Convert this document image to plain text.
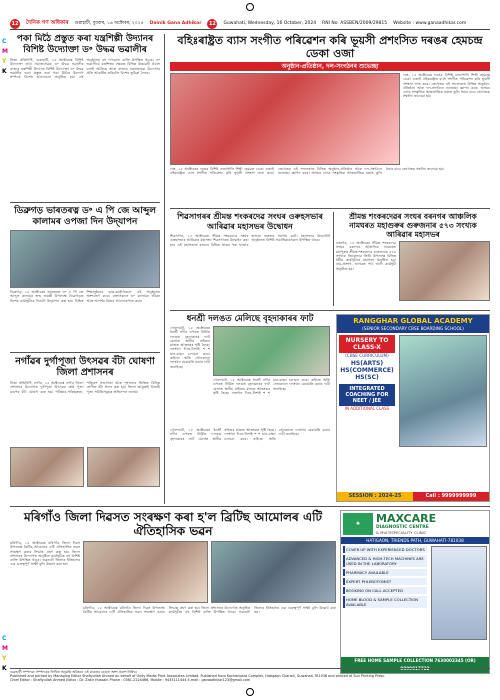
C
M
Y
K
C
M
Y
K
12 দৈনিক গণ অধিকাৰ গুৱাহাটী, বুধবাৰ, ১৬ অক্টোবৰ, ২০২৪ Dainik Gana Adhikar	12	Guwahati, Wednesday, 16 October, 2024 RNI No. ASSBEN/2009/29815 Website : www.ganaadhikar.com
পকা মিঠৈ প্ৰস্তুত কৰা যন্ত্ৰশিল্পী উদ্যানৰ বিশিষ্ট উদ্যোক্তা ড॰ উদ্ধৱ ভৱালীৰ
নিজা প্ৰতিনিধি, গুৱাহাটী, ১৫ অক্টোবৰঃ বিশিষ্ট উদ্যোক্তা তথা সমাজসেৱক ড॰ উদ্ধৱ ভৱালীৰ ৰাজ্যৰ যন্ত্ৰশিল্পী উদ্যানৰ বিশিষ্ট উদ্যোক্তা ড॰ উদ্ধৱ ভৱালীৰ দ্বাৰা প্ৰস্তুত কৰা পকা মিঠৈৰ উদ্যোগ সম্পৰ্কে বিশেষ আলোচনা অনুষ্ঠিত হয়। এই অনুষ্ঠানত বহু গণ্যমান্য ব্যক্তি উপস্থিত থাকে। ড॰ ভৱালীয়ে যন্ত্ৰশিল্পৰ ক্ষেত্ৰত বিভিন্ন উদ্ভাৱনী প্ৰয়াস চলাই আহিছে আৰু ৰাজ্যৰ নৱপ্ৰজন্মক উদ্যোগৰ প্ৰতি আকৰ্ষিত কৰিবলৈ বিশেষ ভূমিকা লৈছে।
ডিব্ৰুগড় ভাৰতৰত্ন ড॰ এ পি জে আব্দুল কালামৰ ওপজা দিন উদ্‌যাপন
ডিব্ৰুগড়, ১৫ অক্টোবৰঃ ভাৰতৰত্ন ড॰ এ পি জে আব্দুল কালামৰ জন্ম জয়ন্তী উপলক্ষে ডিব্ৰুগড়ত বিশেষ কাৰ্যসূচীৰে দিনটো উদ্‌যাপন কৰা হয়। বিভিন্ন শিক্ষানুষ্ঠানৰ ছাত্ৰ-ছাত্ৰীসকলে এই অনুষ্ঠানত অংশগ্ৰহণ কৰে। বক্তাসকলে ড॰ কালামৰ জীৱন আৰু আদৰ্শৰ বিষয়ে আলোকপাত কৰে।
নগাঁৱৰ দুৰ্গাপূজা উৎসৱৰ বঁটা ঘোষণা জিলা প্ৰশাসনৰ
নিজা প্ৰতিনিধি, নগাঁও, ১৫ অক্টোবৰঃ নগাঁও জিলা প্ৰশাসনৰ উদ্যোগত দুৰ্গাপূজা উৎসৱৰ শ্ৰেষ্ঠ পূজা মণ্ডপৰ বঁটা ঘোষণা কৰা হয়। পৰিষ্কাৰ-পৰিচ্ছন্নতা, পৰিবেশ সজাগতা আৰু শৃংখলাৰ ভিত্তিত বিভিন্ন শ্ৰেণীত বঁটা প্ৰদান কৰা হয়। জিলা আয়ুক্তই বিজয়ী পূজা সমিতিসমূহক অভিনন্দন জনায়।
বহিঃৰাষ্ট্ৰত ব্যাস সংগীত পৰিৱেশন কৰি ভূয়সী প্ৰশংসিত দৰঙৰ হেমচন্দ্ৰ ডেকা ওজা
অনুষ্ঠান-প্ৰতিষ্ঠান, দল-সংগঠনৰ শুভেচ্ছা
দৰং, ১৫ অক্টোবৰঃ দৰঙৰ বিশিষ্ট ওজাপালি শিল্পী হেমচন্দ্ৰ ডেকা ওজাই বহিঃৰাষ্ট্ৰত ব্যাস সংগীত পৰিৱেশন কৰি ভূয়সী প্ৰশংসা লাভ কৰে। তেখেতৰ এই সফলতাত বিভিন্ন অনুষ্ঠান-প্ৰতিষ্ঠান আৰু দল-সংগঠনে শুভেচ্ছা জ্ঞাপন কৰে। অসমৰ লোক সংস্কৃতিক আন্তৰ্জাতিক মঞ্চত তুলি ধৰাৰ বাবে তেখেতক সম্বৰ্ধনা জনোৱা হয়।
দৰং, ১৫ অক্টোবৰঃ দৰঙৰ বিশিষ্ট ওজাপালি শিল্পী হেমচন্দ্ৰ ডেকা ওজাই বহিঃৰাষ্ট্ৰত ব্যাস সংগীত পৰিৱেশন কৰি ভূয়সী প্ৰশংসা লাভ কৰে। তেখেতৰ এই সফলতাত বিভিন্ন অনুষ্ঠান-প্ৰতিষ্ঠান আৰু দল-সংগঠনে শুভেচ্ছা জ্ঞাপন কৰে। অসমৰ লোক সংস্কৃতিক আন্তৰ্জাতিক মঞ্চত তুলি ধৰাৰ বাবে তেখেতক সম্বৰ্ধনা জনোৱা হয়।
শিৱসাগৰৰ শ্ৰীমন্ত শংকৰদেৱ সংঘৰ ওৰুহসভাৰ আৰিৱাৰ মহাসভৰ উদ্বোধন
শিৱসাগৰ, ১৫ অক্টোবৰঃ শ্ৰীমন্ত শংকৰদেৱ সংঘৰ ওৰুহসভাৰ আৰিৱাৰ মহাসভা শিৱসাগৰত উদ্বোধন কৰা হয়। এই মহাসভাত ৰাজ্যৰ বিভিন্ন প্ৰান্তৰ পৰা হাজাৰ হাজাৰ ভকতৰ সমাগম ঘটে। মহাসভাৰ উদ্বোধনী অনুষ্ঠানত বিশিষ্ট সত্ৰাধিকাৰসকল উপস্থিত থাকে।
শ্ৰীমন্ত শংকৰদেৱৰ সংঘৰ বৰনগৰ আঞ্চলিক নামঘৰত মহাগুৰুৰ গুৰুজনাৰ ৫৭৩ সংখ্যক আৰিৱাৰ মহাসভৰ
বৰনগৰ, ১৫ অক্টোবৰঃ শ্ৰীমন্ত শংকৰদেৱ সংঘৰ বৰনগৰ আঞ্চলিক নামঘৰত মহাপুৰুষ শ্ৰীমন্ত শংকৰদেৱ গুৰুজনাৰ ৫৭৩ সংখ্যক তিৰোভাৱ তিথি উপলক্ষে বিভিন্ন ধৰ্মীয় কাৰ্যসূচীৰে মহাসভা অনুষ্ঠিত হয়। নাম-প্ৰসংগ, ভাগৱত পাঠ আদি কাৰ্যসূচী অনুষ্ঠিত হয়।
ধনশ্ৰী দলঙত মেলিছে বৃহদাকাৰৰ ফাট
গোলাঘাট, ১৫ অক্টোবৰঃ ধনশ্ৰী নদীৰ ওপৰত নিৰ্মিত দলঙত বৃহদাকাৰৰ ফাট মেলাত স্থানীয় ৰাইজৰ মাজত আতংকৰ সৃষ্টি হৈছে। দলংখন দিনে-নিশাই শ শ যান-বাহন চলাচল কৰে। ৰাইজে অতি সোনকালে দলংখন মেৰামতি কৰাৰ দাবী জনাইছে।
গোলাঘাট, ১৫ অক্টোবৰঃ ধনশ্ৰী নদীৰ ওপৰত নিৰ্মিত দলঙত বৃহদাকাৰৰ ফাট মেলাত স্থানীয় ৰাইজৰ মাজত আতংকৰ সৃষ্টি হৈছে। দলংখন দিনে-নিশাই শ শ যান-বাহন চলাচল কৰে। ৰাইজে অতি সোনকালে দলংখন মেৰামতি কৰাৰ দাবী জনাইছে।
গোলাঘাট, ১৫ অক্টোবৰঃ ধনশ্ৰী নদীৰ ওপৰত নিৰ্মিত দলঙত বৃহদাকাৰৰ ফাট মেলাত স্থানীয় ৰাইজৰ মাজত আতংকৰ সৃষ্টি হৈছে। দলংখন দিনে-নিশাই শ শ যান-বাহন চলাচল কৰে। ৰাইজে অতি সোনকালে দলংখন মেৰামতি কৰাৰ দাবী জনাইছে।
RANGGHAR GLOBAL ACADEMY
(SENIOR SECONDARY CBSE BOARDING SCHOOL)
NURSERY TO CLASS-X
(CBSE CURRICULUM)
HS(ARTS) HS(COMMERCE)
HS(SC)
INTEGRATED COACHING FOR NEET / JEE
IN ADDITIONAL CLASS
SESSION : 2024-25	Call : 9999999999
মৰিগাঁও জিলা দিৱসত সংৰক্ষণ কৰা হ'ল ব্ৰিটিছ আমোলৰ এটি ঐতিহাসিক ভৱন
মৰিগাঁও, ১৫ অক্টোবৰঃ মৰিগাঁও জিলা দিৱস উপলক্ষে ব্ৰিটিছ আমোলৰ এটি ঐতিহাসিক ভৱন সংৰক্ষণ কৰাৰ সিদ্ধান্ত গ্ৰহণ কৰা হয়। জিলা প্ৰশাসনৰ উদ্যোগত অনুষ্ঠিত কাৰ্যসূচীত বহু বিশিষ্ট ব্যক্তি উপস্থিত থাকে। ভৱনটো জিলাৰ ইতিহাসৰ এক গুৰুত্বপূৰ্ণ সাক্ষী বুলি উল্লেখ কৰা হয়।
মৰিগাঁও, ১৫ অক্টোবৰঃ মৰিগাঁও জিলা দিৱস উপলক্ষে ব্ৰিটিছ আমোলৰ এটি ঐতিহাসিক ভৱন সংৰক্ষণ কৰাৰ সিদ্ধান্ত গ্ৰহণ কৰা হয়। জিলা প্ৰশাসনৰ উদ্যোগত অনুষ্ঠিত কাৰ্যসূচীত বহু বিশিষ্ট ব্যক্তি উপস্থিত থাকে। ভৱনটো জিলাৰ ইতিহাসৰ এক গুৰুত্বপূৰ্ণ সাক্ষী বুলি উল্লেখ কৰা হয়।
✚	MAXCARE
DIAGNOSTIC CENTRE
& MULTISPECIALITY CLINIC
HATIGAON, TRIENDS PATH, GUWAHATI-781038
COVER UP WITH EXPERIENCED DOCTORS
ADVANCED & HIGH-TECH MACHINES ARE USED IN THE LABORATORY
PHARMACY AVAILABLE
EXPERT PHLEBOTOMIST
BOOKING ON CALL ACCEPTED
HOME BLOOD & SAMPLE COLLECTION AVAILABLE
FREE HOME SAMPLE COLLECTION 7630002345 (OR) 9999917722
গুৱাহাটী সম্পাদক: সম্পাদকৰ লিখিত অনুমতি অবিহনে এই কাকতৰ কোনো অংশ প্ৰকাশ নিষিদ্ধ।
Published and printed by Managing Editor Shafiyullah Ahmed on behalf of Unity Media Print Associates Limited. Published from Kacharipara Complex, Hatigaon Chariali, Guwahati-781038 and printed at Sun Printing Press.
Chief Editor : Shafiyullah Ahmed Editor : Dr. Zakir Hussain Phone : 0361-2224466, Mobile : 9435111444 E-mail : ganaadhikar123@gmail.com
